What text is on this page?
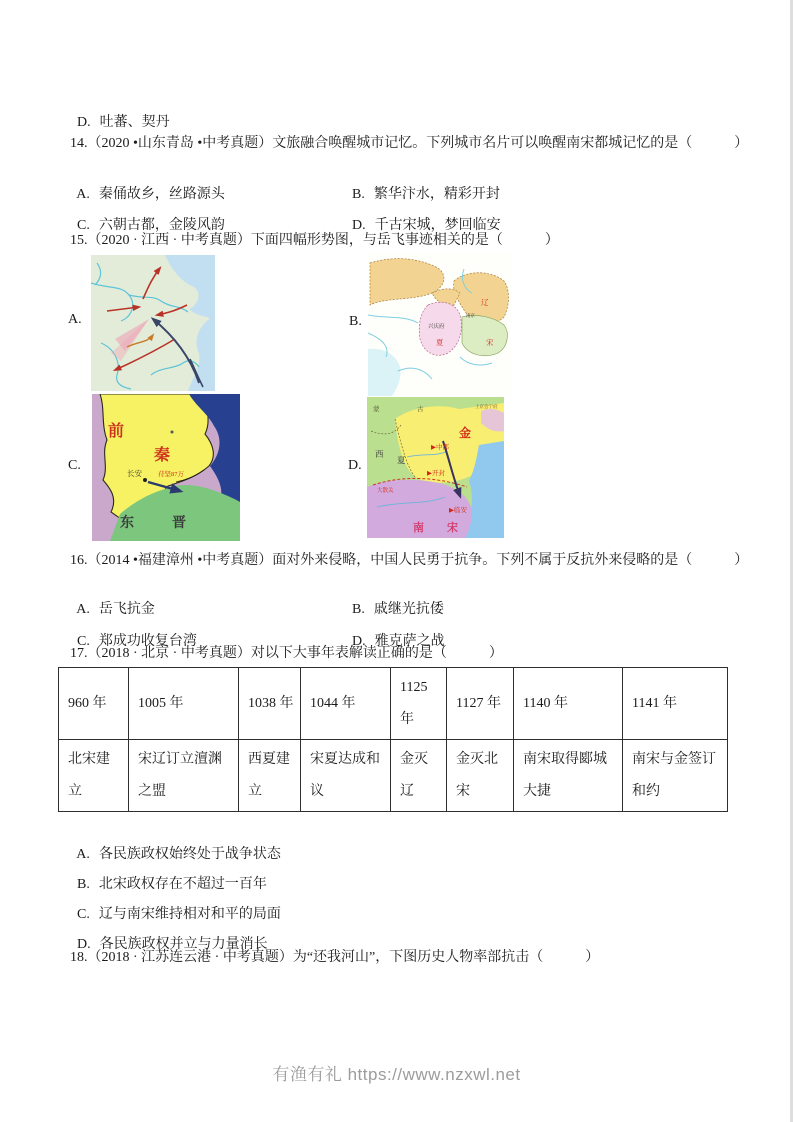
D. 吐蕃、契丹

14.（2020 •山东青岛 •中考真题）文旅融合唤醒城市记忆。下列城市名片可以唤醒南宋都城记忆的是（　　　）

A. 秦俑故乡，丝路源头	B. 繁华汴水，精彩开封

C. 六朝古都，金陵风韵	D. 千古宋城，梦回临安

15.（2020 · 江西 · 中考真题）下面四幅形势图，与岳飞事迹相关的是（　　　）
A.	B.
辽
南京
兴庆府
夏	宋
C.
前
秦
长安 苻坚87万
东	晋
D.
蒙	古	上京会宁府
金
▶中都
西
夏
▶开封
大散关
▶临安
南 宋
16.（2014 •福建漳州 •中考真题）面对外来侵略，中国人民勇于抗争。下列不属于反抗外来侵略的是（　　　）

A. 岳飞抗金	B. 戚继光抗倭

C. 郑成功收复台湾	D. 雅克萨之战

17.（2018 · 北京 · 中考真题）对以下大事年表解读正确的是（　　　）
960 年	1005 年	1038 年	1044 年	1125 年	1127 年	1140 年	1141 年
北宋建立	宋辽订立澶渊之盟	西夏建立	宋夏达成和议	金灭辽	金灭北宋	南宋取得郾城大捷	南宋与金签订和约

A. 各民族政权始终处于战争状态

B. 北宋政权存在不超过一百年

C. 辽与南宋维持相对和平的局面

D. 各民族政权并立与力量消长

18.（2018 · 江苏连云港 · 中考真题）为“还我河山”，下图历史人物率部抗击（　　　）
有渔有礼 https://www.nzxwl.net
